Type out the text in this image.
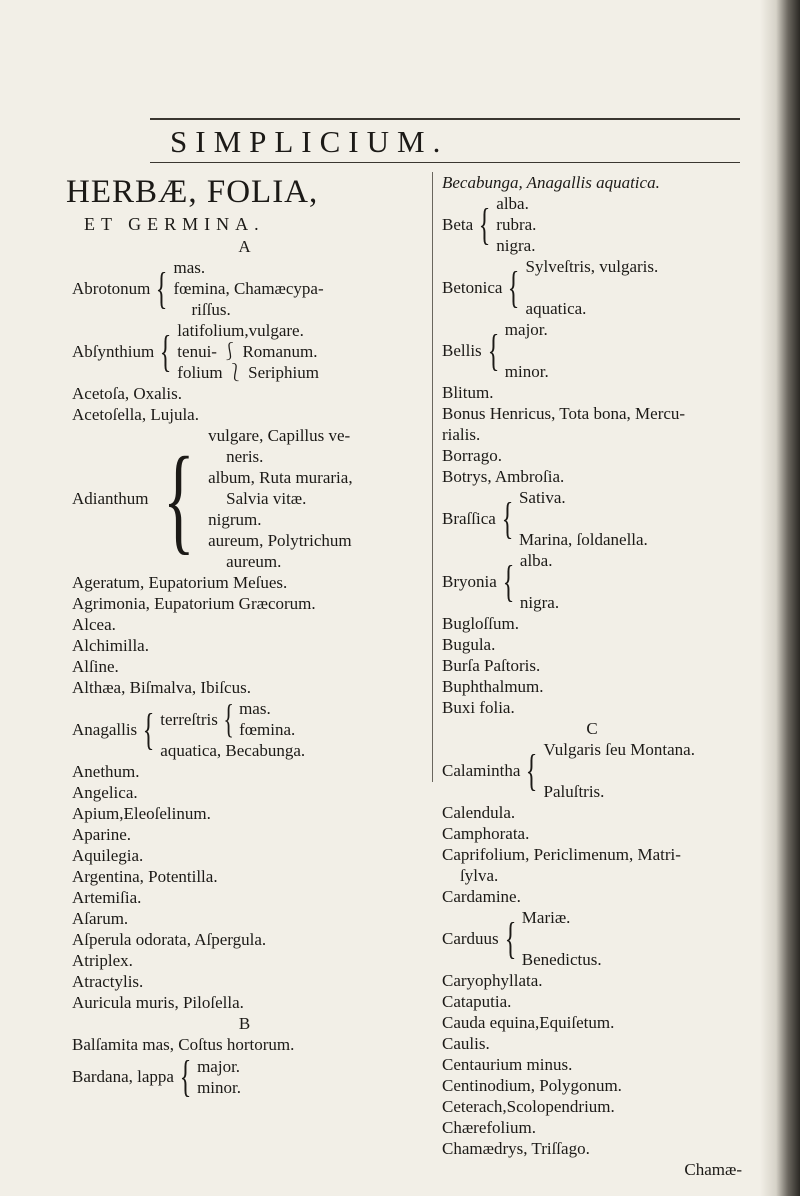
SIMPLICIUM.
HERBÆ, FOLIA,
ET GERMINA.
A
Abrotonum { mas.
fœmina, Chamæcypa-
riſſus.
Abſynthium { latifolium,vulgare.
tenui- ⎰ Romanum.
folium ⎱ Seriphium
Acetoſa, Oxalis.
Acetoſella, Lujula.
Adianthum { vulgare, Capillus ve-
neris.
album, Ruta muraria,
Salvia vitæ.
nigrum.
aureum, Polytrichum
aureum.
Ageratum, Eupatorium Meſues.
Agrimonia, Eupatorium Græcorum.
Alcea.
Alchimilla.
Alſine.
Althæa, Biſmalva, Ibiſcus.
Anagallis { terreſtris { mas.
fœmina.
aquatica, Becabunga.
Anethum.
Angelica.
Apium,Eleoſelinum.
Aparine.
Aquilegia.
Argentina, Potentilla.
Artemiſia.
Aſarum.
Aſperula odorata, Aſpergula.
Atriplex.
Atractylis.
Auricula muris, Piloſella.
B
Balſamita mas, Coſtus hortorum.
Bardana, lappa { major.
minor.
Becabunga, Anagallis aquatica.
Beta { alba.
rubra.
nigra.
Betonica { Sylveſtris, vulgaris.

aquatica.
Bellis { major.

minor.
Blitum.
Bonus Henricus, Tota bona, Mercu-
rialis.
Borrago.
Botrys, Ambroſia.
Braſſica { Sativa.

Marina, ſoldanella.
Bryonia { alba.

nigra.
Bugloſſum.
Bugula.
Burſa Paſtoris.
Buphthalmum.
Buxi folia.
C
Calamintha { Vulgaris ſeu Montana.

Paluſtris.
Calendula.
Camphorata.
Caprifolium, Periclimenum, Matri-
ſylva.
Cardamine.
Carduus { Mariæ.

Benedictus.
Caryophyllata.
Cataputia.
Cauda equina,Equiſetum.
Caulis.
Centaurium minus.
Centinodium, Polygonum.
Ceterach,Scolopendrium.
Chærefolium.
Chamædrys, Triſſago.
Chamæ-
